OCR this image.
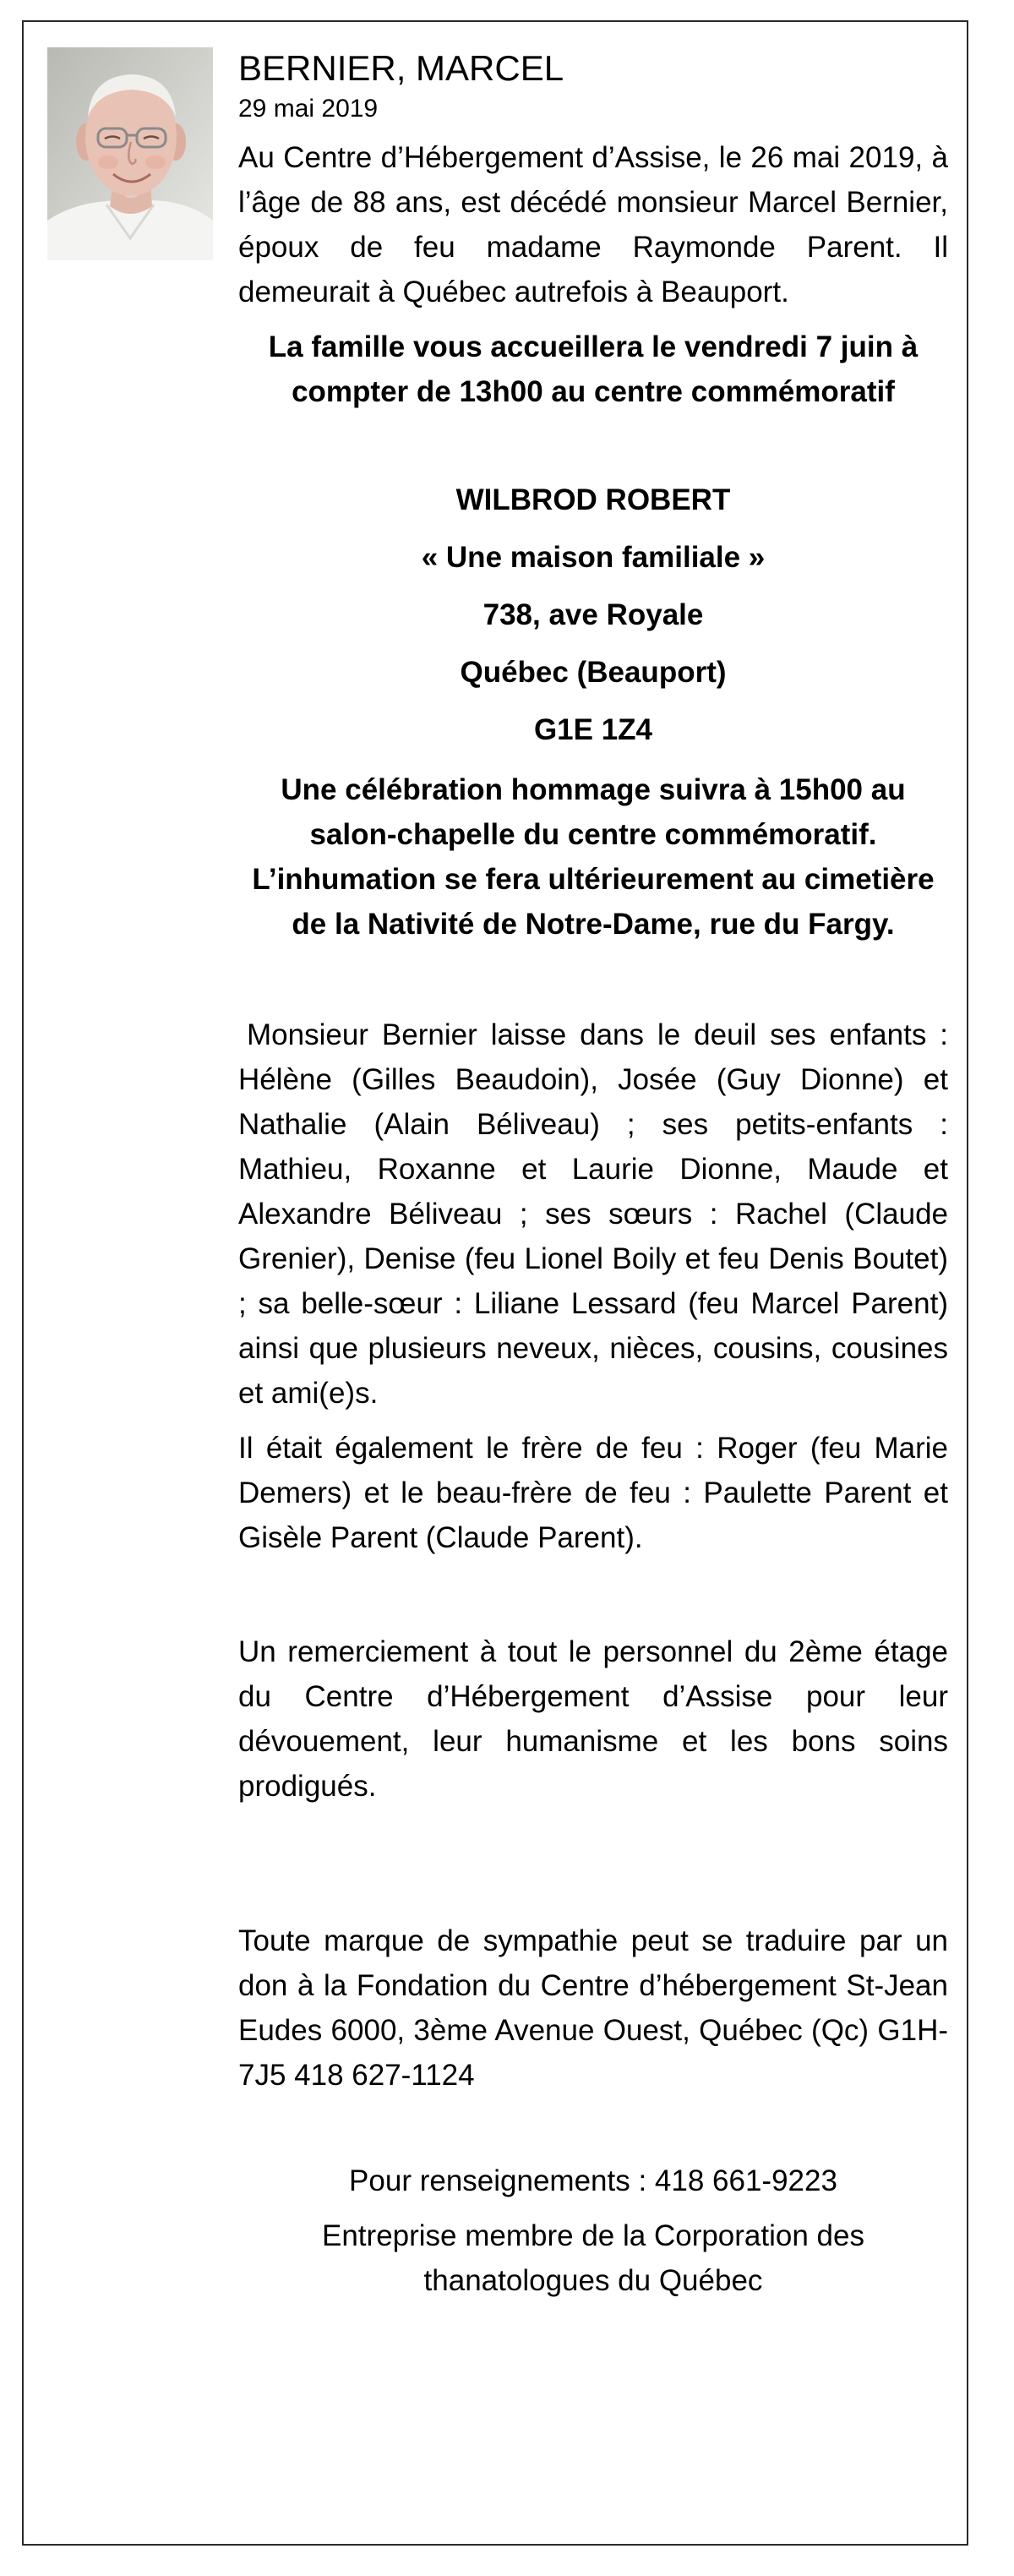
BERNIER, MARCEL

29 mai 2019

Au Centre d’Hébergement d’Assise, le 26 mai 2019, à l’âge de 88 ans, est décédé monsieur Marcel Bernier, époux de feu madame Raymonde Parent. Il demeurait à Québec autrefois à Beauport.

La famille vous accueillera le vendredi 7 juin à compter de 13h00 au centre commémoratif

WILBROD ROBERT

« Une maison familiale »

738, ave Royale

Québec (Beauport)

G1E 1Z4

Une célébration hommage suivra à 15h00 au salon-chapelle du centre commémoratif. L’inhumation se fera ultérieurement au cimetière de la Nativité de Notre-Dame, rue du Fargy.

Monsieur Bernier laisse dans le deuil ses enfants : Hélène (Gilles Beaudoin), Josée (Guy Dionne) et Nathalie (Alain Béliveau) ; ses petits-enfants : Mathieu, Roxanne et Laurie Dionne, Maude et Alexandre Béliveau ; ses sœurs : Rachel (Claude Grenier), Denise (feu Lionel Boily et feu Denis Boutet) ; sa belle-sœur : Liliane Lessard (feu Marcel Parent) ainsi que plusieurs neveux, nièces, cousins, cousines et ami(e)s.

Il était également le frère de feu : Roger (feu Marie Demers) et le beau-frère de feu : Paulette Parent et Gisèle Parent (Claude Parent).

Un remerciement à tout le personnel du 2ème étage du Centre d’Hébergement d’Assise pour leur dévouement, leur humanisme et les bons soins prodigués.

Toute marque de sympathie peut se traduire par un don à la Fondation du Centre d’hébergement St-Jean Eudes 6000, 3ème Avenue Ouest, Québec (Qc) G1H-7J5 418 627-1124

Pour renseignements : 418 661-9223

Entreprise membre de la Corporation des thanatologues du Québec
